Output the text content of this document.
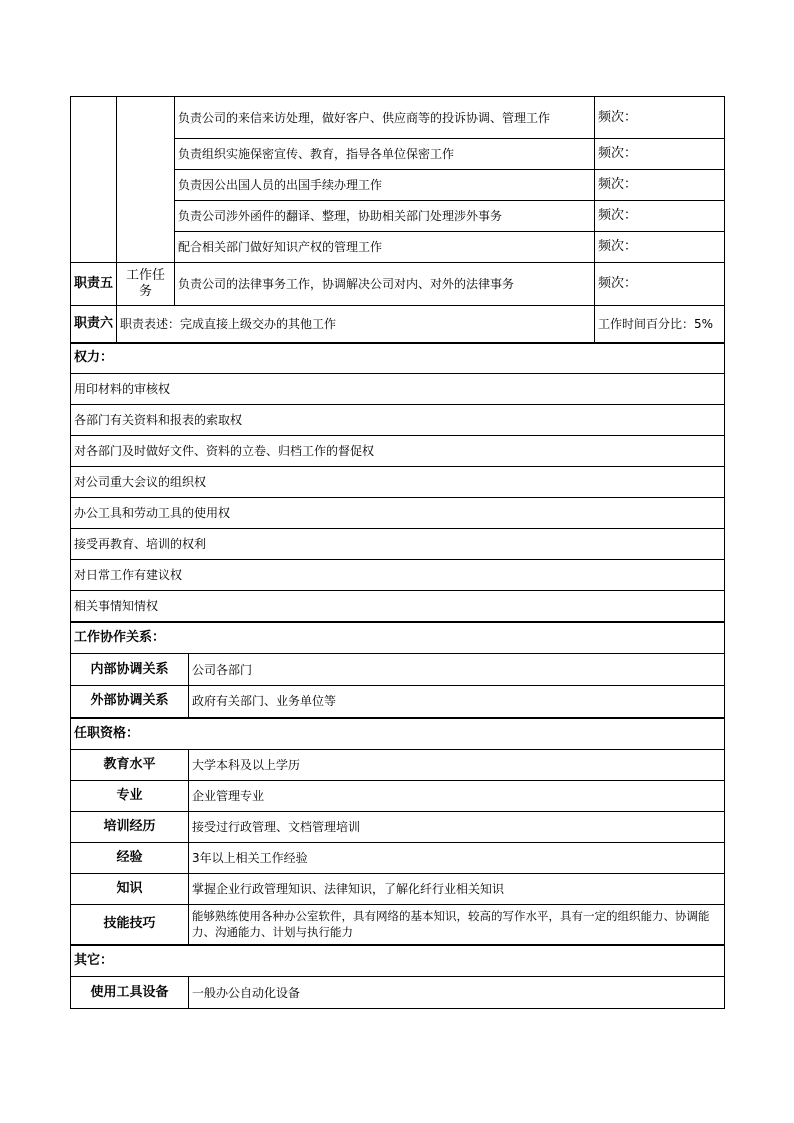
		负责公司的来信来访处理，做好客户、供应商等的投诉协调、管理工作		频次：
		负责组织实施保密宣传、教育，指导各单位保密工作		频次：
		负责因公出国人员的出国手续办理工作		频次：
		负责公司涉外函件的翻译、整理，协助相关部门处理涉外事务		频次：
		配合相关部门做好知识产权的管理工作		频次：
职责五	工作任务	负责公司的法律事务工作，协调解决公司对内、对外的法律事务		频次：
职责六	职责表述：完成直接上级交办的其他工作			工作时间百分比：5%
权力：				
用印材料的审核权				
各部门有关资料和报表的索取权				
对各部门及时做好文件、资料的立卷、归档工作的督促权				
对公司重大会议的组织权				
办公工具和劳动工具的使用权				
接受再教育、培训的权利				
对日常工作有建议权				
相关事情知情权				
工作协作关系：				
内部协调关系			公司各部门	
外部协调关系			政府有关部门、业务单位等	
任职资格：				
教育水平			大学本科及以上学历	
专业			企业管理专业	
培训经历			接受过行政管理、文档管理培训	
经验			3年以上相关工作经验	
知识			掌握企业行政管理知识、法律知识，了解化纤行业相关知识	
技能技巧			能够熟练使用各种办公室软件，具有网络的基本知识，较高的写作水平，具有一定的组织能力、协调能力、沟通能力、计划与执行能力	
其它：				
使用工具设备			一般办公自动化设备	
